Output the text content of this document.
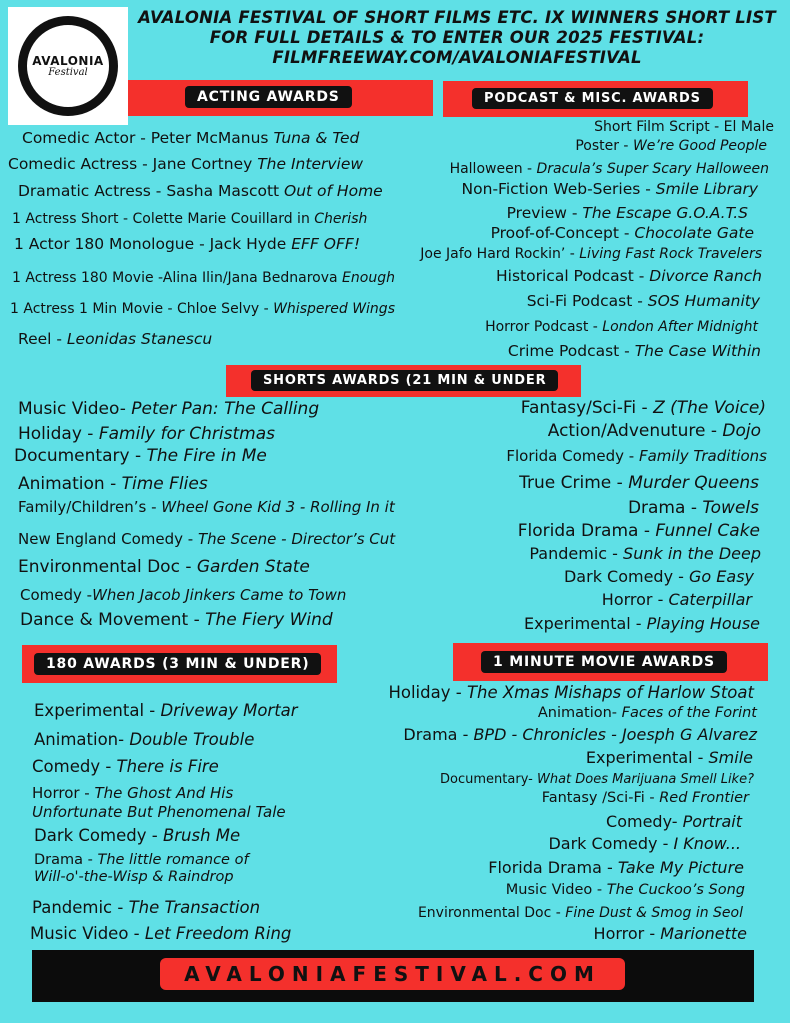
AVALONIA
Festival
AVALONIA FESTIVAL OF SHORT FILMS ETC. IX WINNERS SHORT LIST
FOR FULL DETAILS & TO ENTER OUR 2025 FESTIVAL:
FILMFREEWAY.COM/AVALONIAFESTIVAL
ACTING AWARDS	PODCAST & MISC. AWARDS
SHORTS AWARDS (21 MIN & UNDER
180 AWARDS (3 MIN & UNDER)	1 MINUTE MOVIE AWARDS
Comedic Actor - Peter McManus Tuna & Ted
Comedic Actress - Jane Cortney The Interview
Dramatic Actress - Sasha Mascott Out of Home
1 Actress Short - Colette Marie Couillard in Cherish
1 Actor 180 Monologue - Jack Hyde EFF OFF!
1 Actress 180 Movie -Alina Ilin/Jana Bednarova Enough
1 Actress 1 Min Movie - Chloe Selvy - Whispered Wings
Reel - Leonidas Stanescu
Short Film Script - El Male
Poster - We’re Good People
Halloween - Dracula’s Super Scary Halloween
Non-Fiction Web-Series - Smile Library
Preview - The Escape G.O.A.T.S
Proof-of-Concept - Chocolate Gate
Joe Jafo Hard Rockin’ - Living Fast Rock Travelers
Historical Podcast - Divorce Ranch
Sci-Fi Podcast - SOS Humanity
Horror Podcast - London After Midnight
Crime Podcast - The Case Within
Music Video- Peter Pan: The Calling
Holiday - Family for Christmas
Documentary - The Fire in Me
Animation - Time Flies
Family/Children’s - Wheel Gone Kid 3 - Rolling In it
New England Comedy - The Scene - Director’s Cut
Environmental Doc - Garden State
Comedy -When Jacob Jinkers Came to Town
Dance & Movement - The Fiery Wind
Fantasy/Sci-Fi - Z (The Voice)
Action/Advenuture - Dojo
Florida Comedy - Family Traditions
True Crime - Murder Queens
Drama - Towels
Florida Drama - Funnel Cake
Pandemic - Sunk in the Deep
Dark Comedy - Go Easy
Horror - Caterpillar
Experimental - Playing House
Experimental - Driveway Mortar
Animation- Double Trouble
Comedy - There is Fire
Horror - The Ghost And His
Unfortunate But Phenomenal Tale
Dark Comedy - Brush Me
Drama - The little romance of
Will-o'-the-Wisp & Raindrop
Pandemic - The Transaction
Music Video - Let Freedom Ring
Holiday - The Xmas Mishaps of Harlow Stoat
Animation- Faces of the Forint
Drama - BPD - Chronicles - Joesph G Alvarez
Experimental - Smile
Documentary- What Does Marijuana Smell Like?
Fantasy /Sci-Fi - Red Frontier
Comedy- Portrait
Dark Comedy - I Know...
Florida Drama - Take My Picture
Music Video - The Cuckoo’s Song
Environmental Doc - Fine Dust & Smog in Seol
Horror - Marionette
AVALONIAFESTIVAL.COM
